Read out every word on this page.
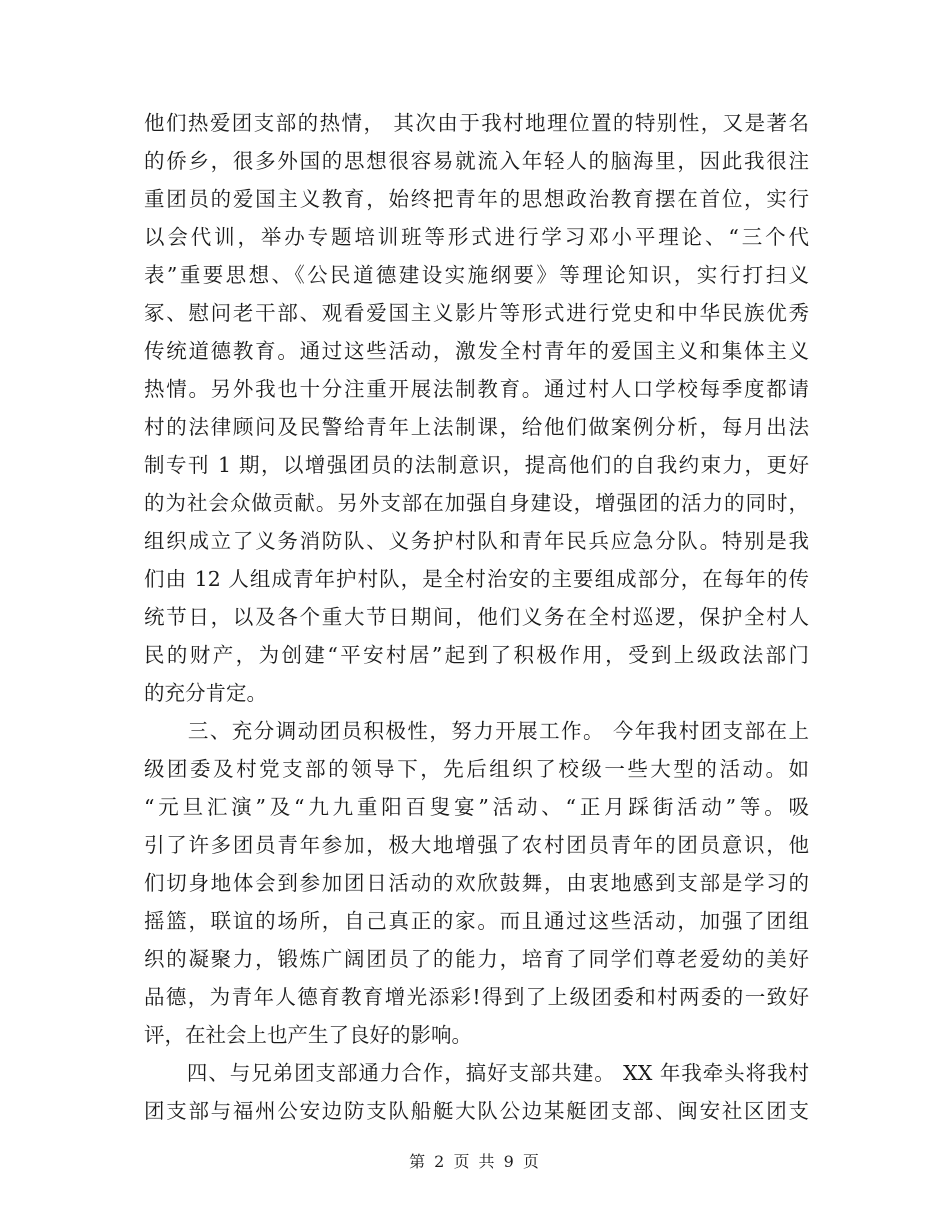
他们热爱团支部的热情， 其次由于我村地理位置的特别性，又是著名
的侨乡，很多外国的思想很容易就流入年轻人的脑海里，因此我很注
重团员的爱国主义教育，始终把青年的思想政治教育摆在首位，实行
以会代训，举办专题培训班等形式进行学习邓小平理论、“三个代
表”重要思想、《公民道德建设实施纲要》等理论知识，实行打扫义
冢、慰问老干部、观看爱国主义影片等形式进行党史和中华民族优秀
传统道德教育。通过这些活动，激发全村青年的爱国主义和集体主义
热情。另外我也十分注重开展法制教育。通过村人口学校每季度都请
村的法律顾问及民警给青年上法制课，给他们做案例分析，每月出法
制专刊 1 期，以增强团员的法制意识，提高他们的自我约束力，更好
的为社会众做贡献。另外支部在加强自身建设，增强团的活力的同时，
组织成立了义务消防队、义务护村队和青年民兵应急分队。特别是我
们由 12 人组成青年护村队，是全村治安的主要组成部分，在每年的传
统节日，以及各个重大节日期间，他们义务在全村巡逻，保护全村人
民的财产，为创建“平安村居”起到了积极作用，受到上级政法部门
的充分肯定。
　　三、充分调动团员积极性，努力开展工作。 今年我村团支部在上
级团委及村党支部的领导下，先后组织了校级一些大型的活动。如
“元旦汇演”及“九九重阳百叟宴”活动、“正月踩街活动”等。吸
引了许多团员青年参加，极大地增强了农村团员青年的团员意识，他
们切身地体会到参加团日活动的欢欣鼓舞，由衷地感到支部是学习的
摇篮，联谊的场所，自己真正的家。而且通过这些活动，加强了团组
织的凝聚力，锻炼广阔团员了的能力，培育了同学们尊老爱幼的美好
品德，为青年人德育教育增光添彩!得到了上级团委和村两委的一致好
评，在社会上也产生了良好的影响。
　　四、与兄弟团支部通力合作，搞好支部共建。 XX 年我牵头将我村
团支部与福州公安边防支队船艇大队公边某艇团支部、闽安社区团支
第 2 页 共 9 页
